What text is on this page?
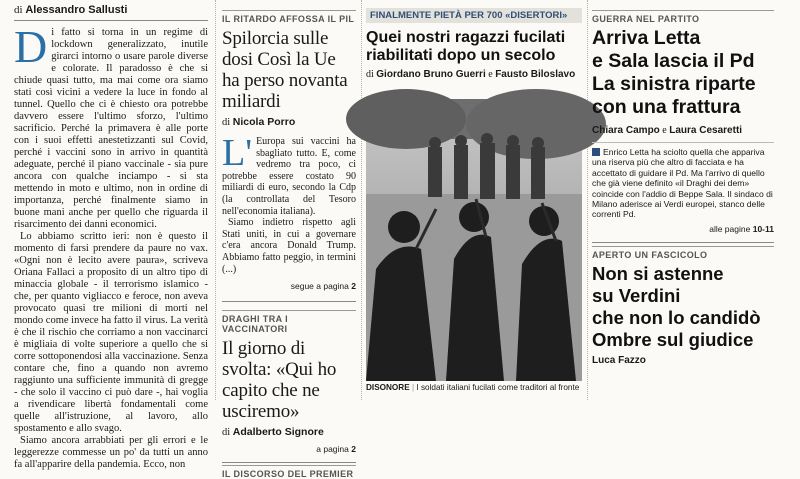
di Alessandro Sallusti

D i fatto si torna in un regime di lockdown generalizzato, inutile girarci intorno o usare parole diverse e colorate. Il paradosso è che si chiude quasi tutto, ma mai come ora siamo stati così vicini a vedere la luce in fondo al tunnel. Quello che ci è chiesto ora potrebbe davvero essere l'ultimo sforzo, l'ultimo sacrificio. Perché la primavera è alle porte con i suoi effetti anestetizzanti sul Covid, perché i vaccini sono in arrivo in quantità adeguate, perché il piano vaccinale - sia pure ancora con qualche inciampo - si sta mettendo in moto e ultimo, non in ordine di importanza, perché finalmente siamo in buone mani anche per quello che riguarda il risarcimento dei danni economici.

Lo abbiamo scritto ieri: non è questo il momento di farsi prendere da paure no vax. «Ogni non è lecito avere paura», scriveva Oriana Fallaci a proposito di un altro tipo di minaccia globale - il terrorismo islamico - che, per quanto vigliacco e feroce, non aveva provocato quasi tre milioni di morti nel mondo come invece ha fatto il virus. La verità è che il rischio che corriamo a non vaccinarci è migliaia di volte superiore a quello che si corre sottoponendosi alla vaccinazione. Senza contare che, fino a quando non avremo raggiunto una sufficiente immunità di gregge - che solo il vaccino ci può dare -, hai voglia a rivendicare libertà fondamentali come quelle all'istruzione, al lavoro, allo spostamento e allo svago.

Siamo ancora arrabbiati per gli errori e le leggerezze commesse un po' da tutti un anno fa all'apparire della pandemia. Ecco, non

IL RITARDO AFFOSSA IL PIL
Spilorcia sulle dosi Così la Ue ha perso novanta miliardi
di Nicola Porro

L' Europa sui vaccini ha sbagliato tutto. E, come vedremo tra poco, ci potrebbe essere costato 90 miliardi di euro, secondo la Cdp (la controllata del Tesoro nell'economia italiana).

Siamo indietro rispetto agli Stati uniti, in cui a governare c'era ancora Donald Trump. Abbiamo fatto peggio, in termini (...)

segue a pagina 2
DRAGHI TRA I VACCINATORI
Il giorno di svolta: «Qui ho capito che ne usciremo»
di Adalberto Signore
a pagina 2
IL DISCORSO DEL PREMIER
FINALMENTE PIETÀ PER 700 «DISERTORI»
Quei nostri ragazzi fucilati riabilitati dopo un secolo
di Giordano Bruno Guerri e Fausto Biloslavo
DISONORE | I soldati italiani fucilati come traditori al fronte
GUERRA NEL PARTITO
Arriva Letta
e Sala lascia il Pd
La sinistra riparte
con una frattura
Chiara Campo e Laura Cesaretti
Enrico Letta ha sciolto quella che appariva una riserva più che altro di facciata e ha accettato di guidare il Pd. Ma l'arrivo di quello che già viene definito «il Draghi dei dem» coincide con l'addio di Beppe Sala. Il sindaco di Milano aderisce ai Verdi europei, stanco delle correnti Pd.
alle pagine 10-11
APERTO UN FASCICOLO
Non si astenne
su Verdini
che non lo candidò
Ombre sul giudice
Luca Fazzo
